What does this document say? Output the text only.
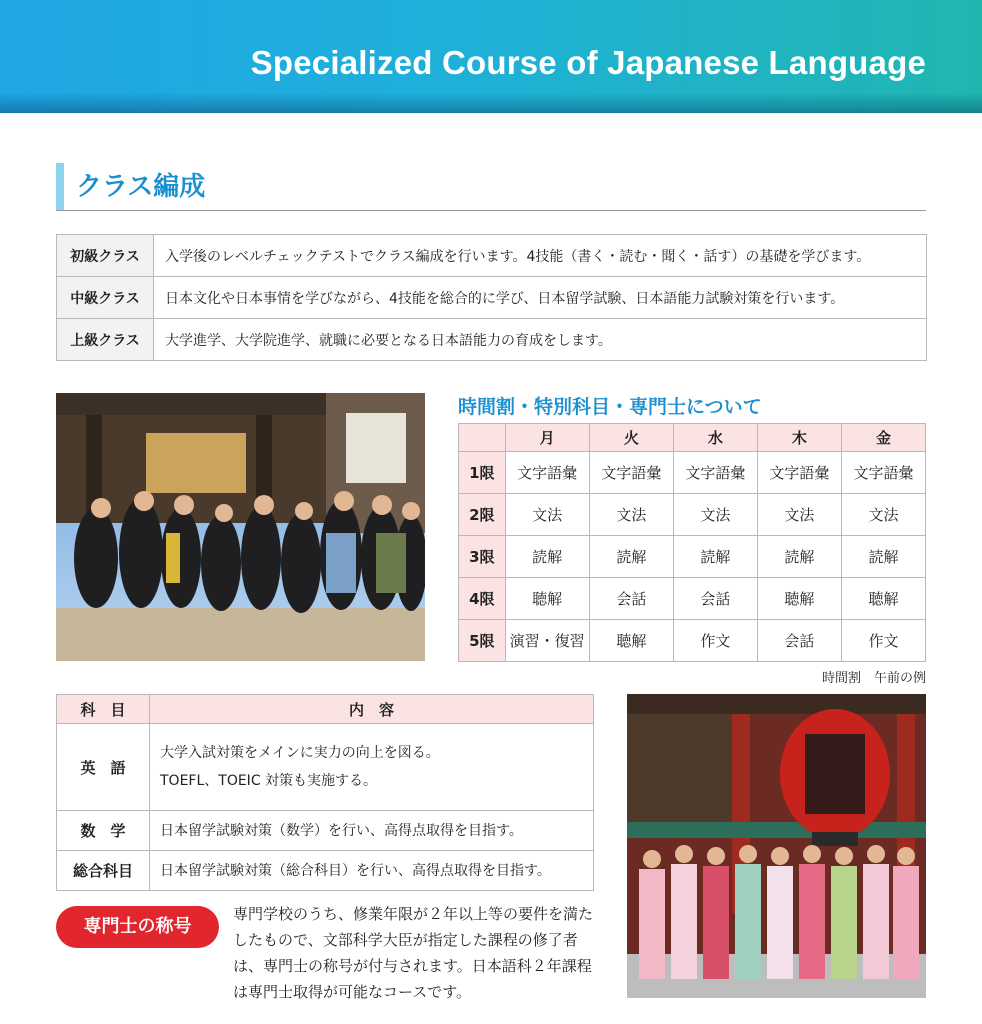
Specialized Course of Japanese Language
クラス編成
初級クラス	入学後のレベルチェックテストでクラス編成を行います。4技能（書く・読む・聞く・話す）の基礎を学びます。
中級クラス	日本文化や日本事情を学びながら、4技能を総合的に学び、日本留学試験、日本語能力試験対策を行います。
上級クラス	大学進学、大学院進学、就職に必要となる日本語能力の育成をします。
時間割・特別科目・専門士について
	月	火	水	木	金
1限	文字語彙	文字語彙	文字語彙	文字語彙	文字語彙
2限	文法	文法	文法	文法	文法
3限	読解	読解	読解	読解	読解
4限	聴解	会話	会話	聴解	聴解
5限	演習・復習	聴解	作文	会話	作文
時間割　午前の例
科　目	内　容
英　語	大学入試対策をメインに実力の向上を図る。
TOEFL、TOEIC 対策も実施する。

数　学	日本留学試験対策（数学）を行い、高得点取得を目指す。
総合科目	日本留学試験対策（総合科目）を行い、高得点取得を目指す。
専門士の称号
専門学校のうち、修業年限が２年以上等の要件を満たしたもので、文部科学大臣が指定した課程の修了者は、専門士の称号が付与されます。日本語科２年課程は専門士取得が可能なコースです。
